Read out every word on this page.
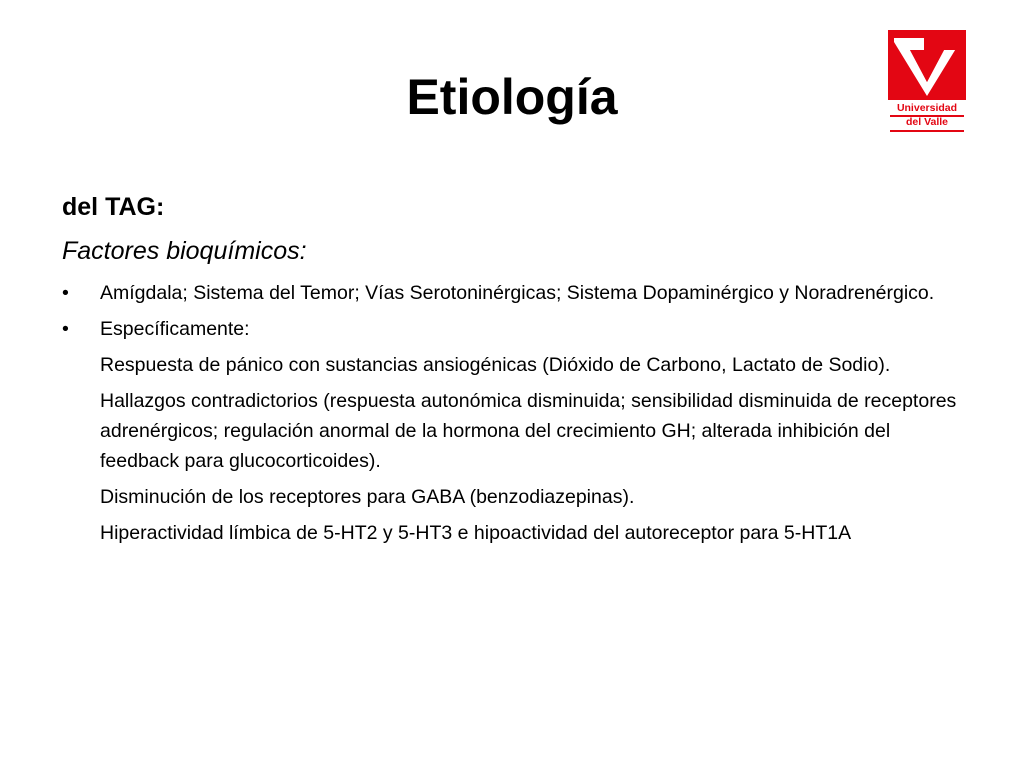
Etiología	Universidad
del Valle
del TAG:
Factores bioquímicos:
•	Amígdala; Sistema del Temor; Vías Serotoninérgicas; Sistema Dopaminérgico y Noradrenérgico.
•	Específicamente:
Respuesta de pánico con sustancias ansiogénicas (Dióxido de Carbono, Lactato de Sodio).
Hallazgos contradictorios (respuesta autonómica disminuida; sensibilidad disminuida de receptores adrenérgicos; regulación anormal de la hormona del crecimiento GH; alterada inhibición del feedback para glucocorticoides).
Disminución de los receptores para GABA (benzodiazepinas).
Hiperactividad límbica de 5-HT2 y 5-HT3 e hipoactividad del autoreceptor para 5-HT1A
